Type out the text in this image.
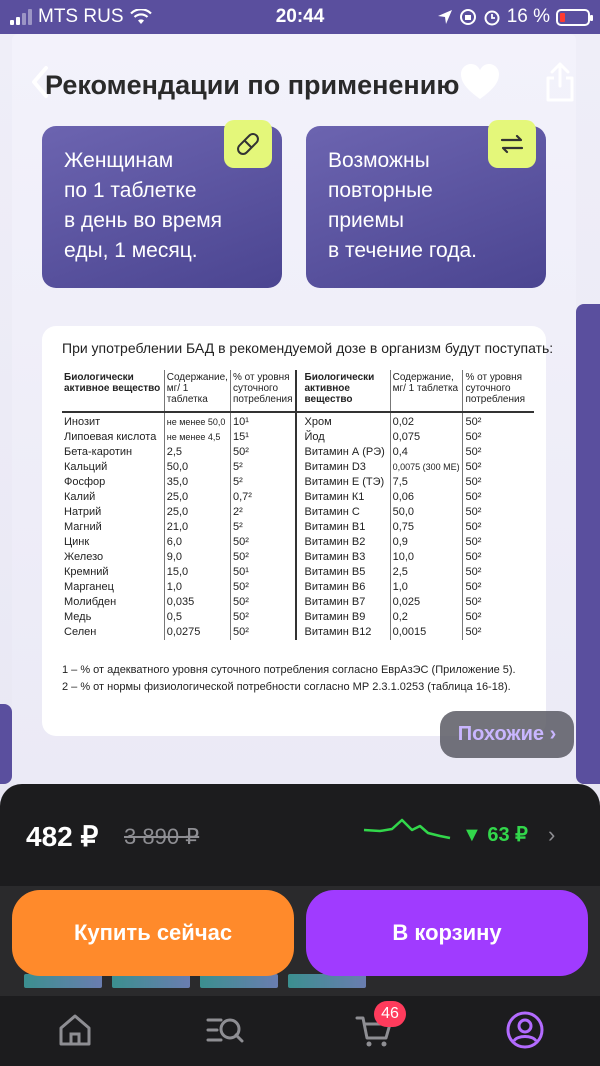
MTS RUS	20:44	16 %
Рекомендации по применению

Женщинам
по 1 таблетке
в день во время
еды, 1 месяц.

Возможны
повторные
приемы
в течение года.

При употреблении БАД в рекомендуемой дозе в организм будут поступать:
Биологически активное вещество	Содержание, мг/ 1 таблетка	% от уровня суточного потребления	Биологически активное вещество	Содержание, мг/ 1 таблетка	% от уровня суточного потребления
Инозит	не менее 50,0	10¹	Хром	0,02	50²
Липоевая кислота	не менее 4,5	15¹	Йод	0,075	50²
Бета-каротин	2,5	50²	Витамин А (РЭ)	0,4	50²
Кальций	50,0	5²	Витамин D3	0,0075 (300 МЕ)	50²
Фосфор	35,0	5²	Витамин Е (ТЭ)	7,5	50²
Калий	25,0	0,7²	Витамин К1	0,06	50²
Натрий	25,0	2²	Витамин С	50,0	50²
Магний	21,0	5²	Витамин В1	0,75	50²
Цинк	6,0	50²	Витамин В2	0,9	50²
Железо	9,0	50²	Витамин В3	10,0	50²
Кремний	15,0	50¹	Витамин В5	2,5	50²
Марганец	1,0	50²	Витамин В6	1,0	50²
Молибден	0,035	50²	Витамин В7	0,025	50²
Медь	0,5	50²	Витамин В9	0,2	50²
Селен	0,0275	50²	Витамин В12	0,0015	50²
1 – % от адекватного уровня суточного потребления согласно ЕврАзЭС (Приложение 5).
2 – % от нормы физиологической потребности согласно МР 2.3.1.0253 (таблица 16-18).
Похожие ›
482 ₽ 3 890 ₽	▼ 63 ₽ ›
Купить сейчас	В корзину
46
